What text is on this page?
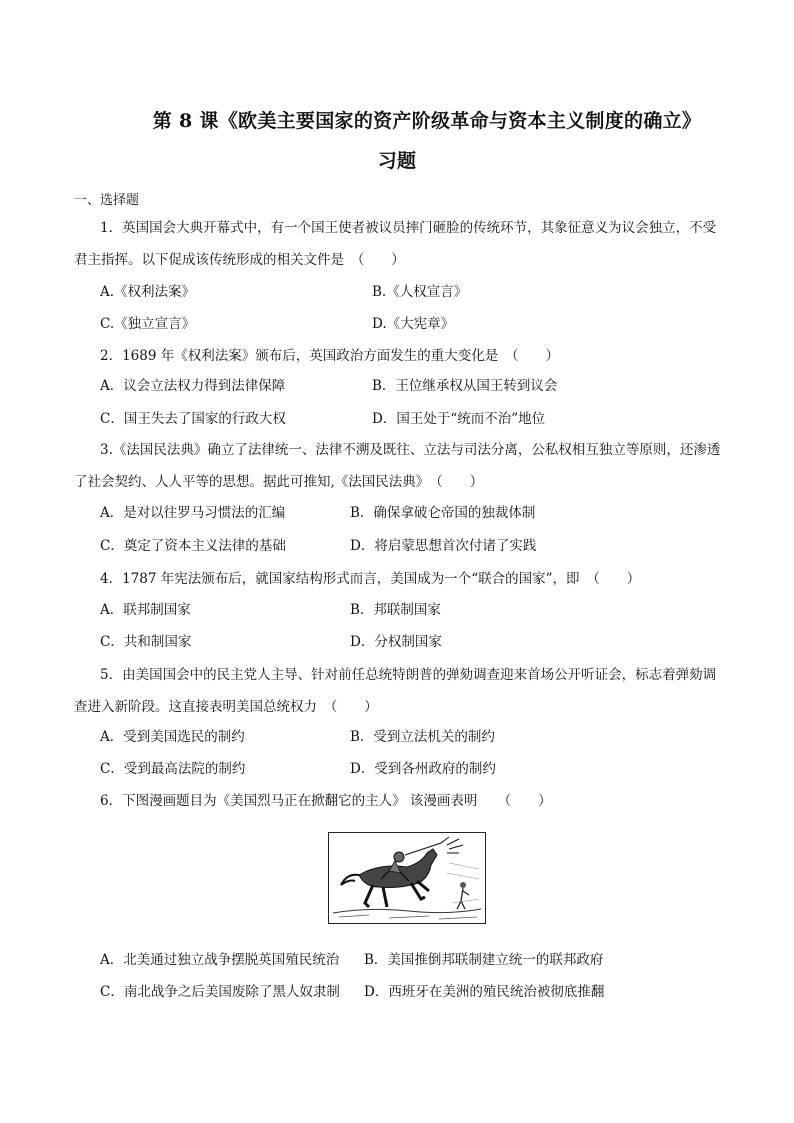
第 8 课《欧美主要国家的资产阶级革命与资本主义制度的确立》
习题
一、选择题

1．英国国会大典开幕式中，有一个国王使者被议员摔门砸脸的传统环节，其象征意义为议会独立，不受君主指挥。以下促成该传统形成的相关文件是　（　　）

A.《权利法案》	B.《人权宣言》
C.《独立宣言》	D.《大宪章》

2．1689 年《权利法案》颁布后，英国政治方面发生的重大变化是　（　　）

A．议会立法权力得到法律保障	B．王位继承权从国王转到议会
C．国王失去了国家的行政大权	D．国王处于“统而不治”地位

3.《法国民法典》确立了法律统一、法律不溯及既往、立法与司法分离，公私权相互独立等原则，还渗透了社会契约、人人平等的思想。据此可推知,《法国民法典》　（　　）

A．是对以往罗马习惯法的汇编	B．确保拿破仑帝国的独裁体制
C．奠定了资本主义法律的基础	D．将启蒙思想首次付诸了实践

4．1787 年宪法颁布后，就国家结构形式而言，美国成为一个“联合的国家”，即　（　　）

A．联邦制国家	B．邦联制国家
C．共和制国家	D．分权制国家

5．由美国国会中的民主党人主导、针对前任总统特朗普的弹劾调查迎来首场公开听证会，标志着弹劾调查进入新阶段。这直接表明美国总统权力　（　　）

A．受到美国选民的制约	B．受到立法机关的制约
C．受到最高法院的制约	D．受到各州政府的制约

6．下图漫画题目为《美国烈马正在掀翻它的主人》 该漫画表明　　（　　）

A．北美通过独立战争摆脱英国殖民统治 B．美国推倒邦联制建立统一的联邦政府
C．南北战争之后美国废除了黑人奴隶制 D．西班牙在美洲的殖民统治被彻底推翻
